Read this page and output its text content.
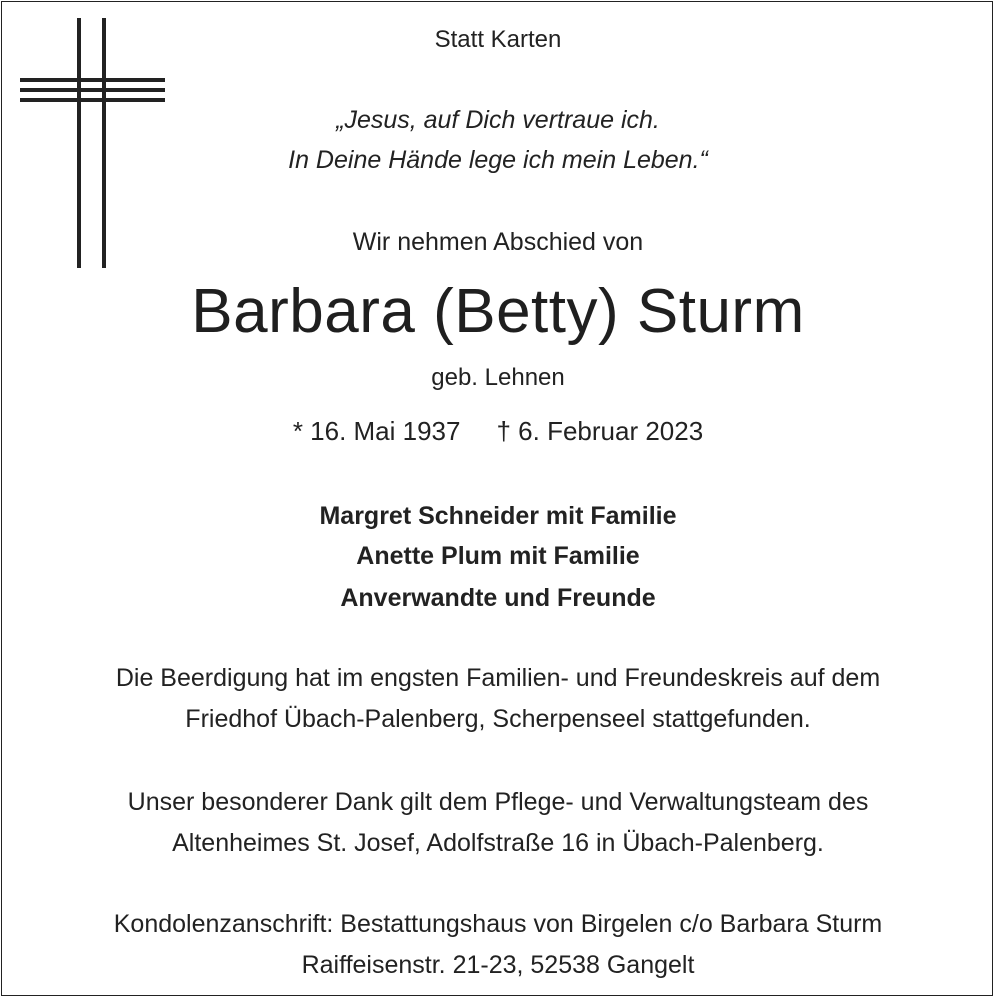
Statt Karten
„Jesus, auf Dich vertraue ich.
In Deine Hände lege ich mein Leben.“
Wir nehmen Abschied von
Barbara (Betty) Sturm
geb. Lehnen
* 16. Mai 1937 † 6. Februar 2023
Margret Schneider mit Familie
Anette Plum mit Familie
Anverwandte und Freunde
Die Beerdigung hat im engsten Familien- und Freundeskreis auf dem
Friedhof Übach-Palenberg, Scherpenseel stattgefunden.
Unser besonderer Dank gilt dem Pflege- und Verwaltungsteam des
Altenheimes St. Josef, Adolfstraße 16 in Übach-Palenberg.
Kondolenzanschrift: Bestattungshaus von Birgelen c/o Barbara Sturm
Raiffeisenstr. 21-23, 52538 Gangelt
